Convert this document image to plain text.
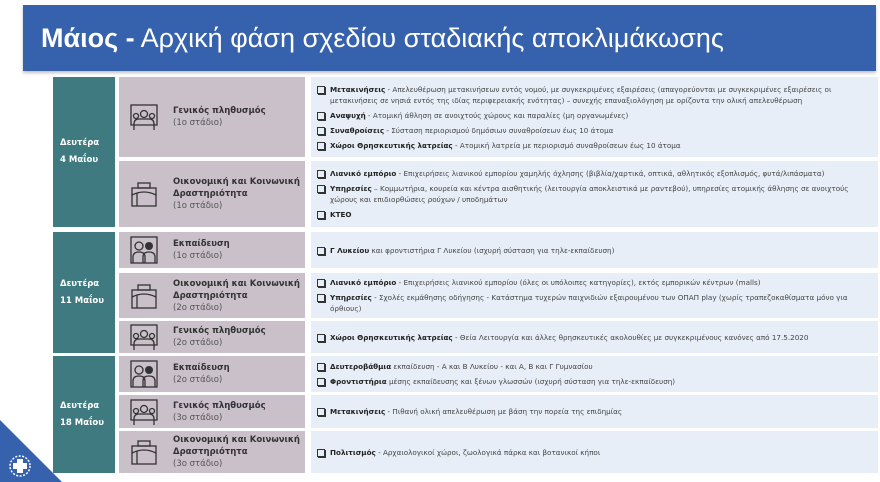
Μάιος - Αρχική φάση σχεδίου σταδιακής αποκλιμάκωσης
Δευτέρα
4 Μαΐου
Γενικός πληθυσμός
(1ο στάδιο)
Μετακινήσεις - Απελευθέρωση μετακινήσεων εντός νομού, με συγκεκριμένες εξαιρέσεις (απαγορεύονται με συγκεκριμένες εξαιρέσεις οι μετακινήσεις σε νησιά εντός της ιδίας περιφερειακής ενότητας) – συνεχής επαναξιολόγηση με ορίζοντα την ολική απελευθέρωση
Αναψυχή - Ατομική άθληση σε ανοιχτούς χώρους και παραλίες (μη οργανωμένες)
Συναθροίσεις - Σύσταση περιορισμού δημόσιων συναθροίσεων έως 10 άτομα
Χώροι Θρησκευτικής λατρείας - Ατομική λατρεία με περιορισμό συναθροίσεων έως 10 άτομα
Οικονομική και Κοινωνική Δραστηριότητα
(1ο στάδιο)
Λιανικό εμπόριο - Επιχειρήσεις λιανικού εμπορίου χαμηλής όχλησης (βιβλία/χαρτικά, οπτικά, αθλητικός εξοπλισμός, φυτά/λιπάσματα)
Υπηρεσίες – Κομμωτήρια, κουρεία και κέντρα αισθητικής (λειτουργία αποκλειστικά με ραντεβού), υπηρεσίες ατομικής άθλησης σε ανοιχτούς χώρους και επιδιορθώσεις ρούχων / υποδημάτων
ΚΤΕΟ
Δευτέρα
11 Μαΐου
Εκπαίδευση
(1ο στάδιο)
Γ Λυκείου και φροντιστήρια Γ Λυκείου (ισχυρή σύσταση για τηλε-εκπαίδευση)
Οικονομική και Κοινωνική Δραστηριότητα
(2ο στάδιο)
Λιανικό εμπόριο - Επιχειρήσεις λιανικού εμπορίου (όλες οι υπόλοιπες κατηγορίες), εκτός εμπορικών κέντρων (malls)
Υπηρεσίες - Σχολές εκμάθησης οδήγησης - Κατάστημα τυχερών παιχνιδιών εξαιρουμένου των ΟΠΑΠ play (χωρίς τραπεζοκαθίσματα μόνο για όρθιους)
Γενικός πληθυσμός
(2ο στάδιο)
Χώροι Θρησκευτικής λατρείας - Θεία Λειτουργία και άλλες θρησκευτικές ακολουθίες με συγκεκριμένους κανόνες από 17.5.2020
Δευτέρα
18 Μαΐου
Εκπαίδευση
(2ο στάδιο)
Δευτεροβάθμια εκπαίδευση - Α και Β Λυκείου - και Α, Β και Γ Γυμνασίου
Φροντιστήρια μέσης εκπαίδευσης και ξένων γλωσσών (ισχυρή σύσταση για τηλε-εκπαίδευση)
Γενικός πληθυσμός
(3ο στάδιο)
Μετακινήσεις - Πιθανή ολική απελευθέρωση με βάση την πορεία της επιδημίας
Οικονομική και Κοινωνική Δραστηριότητα
(3ο στάδιο)
Πολιτισμός - Αρχαιολογικοί χώροι, ζωολογικά πάρκα και βοτανικοί κήποι
